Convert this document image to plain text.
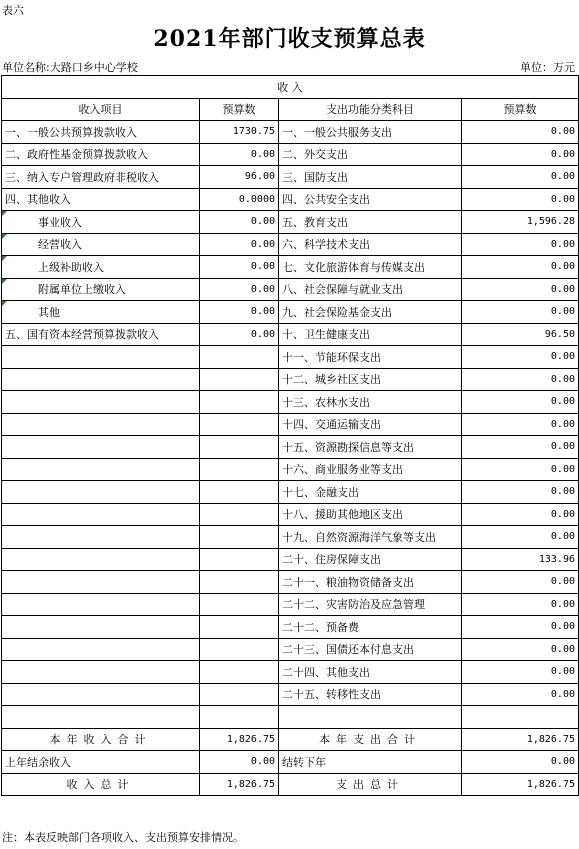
表六
2021年部门收支预算总表
单位名称:大路口乡中心学校	单位：万元
收 入			
收入项目	预算数	支出功能分类科目	预算数
一、一般公共预算拨款收入	1730.75	一、一般公共服务支出	0.00
二、政府性基金预算拨款收入	0.00	二、外交支出	0.00
三、纳入专户管理政府非税收入	96.00	三、国防支出	0.00
四、其他收入	0.0000	四、公共安全支出	0.00
事业收入	0.00	五、教育支出	1,596.28
经营收入	0.00	六、科学技术支出	0.00
上级补助收入	0.00	七、文化旅游体育与传媒支出	0.00
附属单位上缴收入	0.00	八、社会保障与就业支出	0.00
其他	0.00	九、社会保险基金支出	0.00
五、国有资本经营预算拨款收入	0.00	十、卫生健康支出	96.50
		十一、节能环保支出	0.00
		十二、城乡社区支出	0.00
		十三、农林水支出	0.00
		十四、交通运输支出	0.00
		十五、资源勘探信息等支出	0.00
		十六、商业服务业等支出	0.00
		十七、金融支出	0.00
		十八、援助其他地区支出	0.00
		十九、自然资源海洋气象等支出	0.00
		二十、住房保障支出	133.96
		二十一、粮油物资储备支出	0.00
		二十二、灾害防治及应急管理	0.00
		二十二、预备费	0.00
		二十三、国债还本付息支出	0.00
		二十四、其他支出	0.00
		二十五、转移性支出	0.00

本年收入合计	1,826.75	本年支出合计	1,826.75
上年结余收入	0.00	结转下年	0.00
收入总计	1,826.75	支出总计	1,826.75
注：本表反映部门各项收入、支出预算安排情况。
